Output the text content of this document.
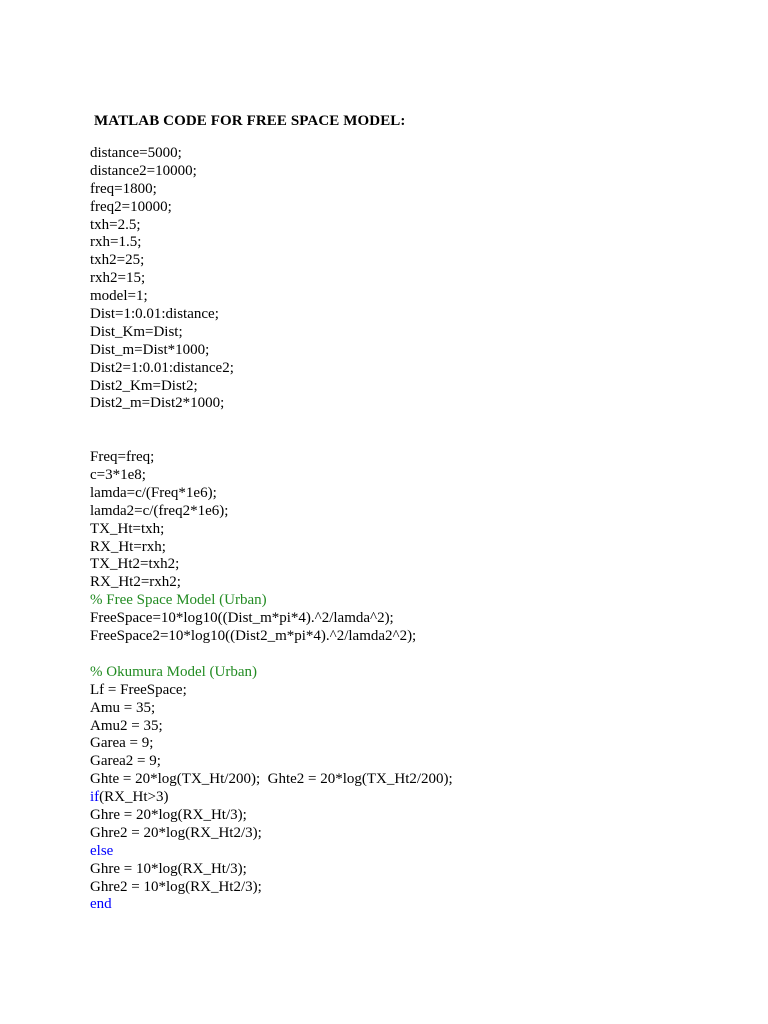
MATLAB CODE FOR FREE SPACE MODEL:
distance=5000;
distance2=10000;
freq=1800;
freq2=10000;
txh=2.5;
rxh=1.5;
txh2=25;
rxh2=15;
model=1;
Dist=1:0.01:distance;
Dist_Km=Dist;
Dist_m=Dist*1000;
Dist2=1:0.01:distance2;
Dist2_Km=Dist2;
Dist2_m=Dist2*1000;
Freq=freq;
c=3*1e8;
lamda=c/(Freq*1e6);
lamda2=c/(freq2*1e6);
TX_Ht=txh;
RX_Ht=rxh;
TX_Ht2=txh2;
RX_Ht2=rxh2;
% Free Space Model (Urban)
FreeSpace=10*log10((Dist_m*pi*4).^2/lamda^2);
FreeSpace2=10*log10((Dist2_m*pi*4).^2/lamda2^2);
% Okumura Model (Urban)
Lf = FreeSpace;
Amu = 35;
Amu2 = 35;
Garea = 9;
Garea2 = 9;
Ghte = 20*log(TX_Ht/200);  Ghte2 = 20*log(TX_Ht2/200);
if(RX_Ht>3)
Ghre = 20*log(RX_Ht/3);
Ghre2 = 20*log(RX_Ht2/3);
else
Ghre = 10*log(RX_Ht/3);
Ghre2 = 10*log(RX_Ht2/3);
end
